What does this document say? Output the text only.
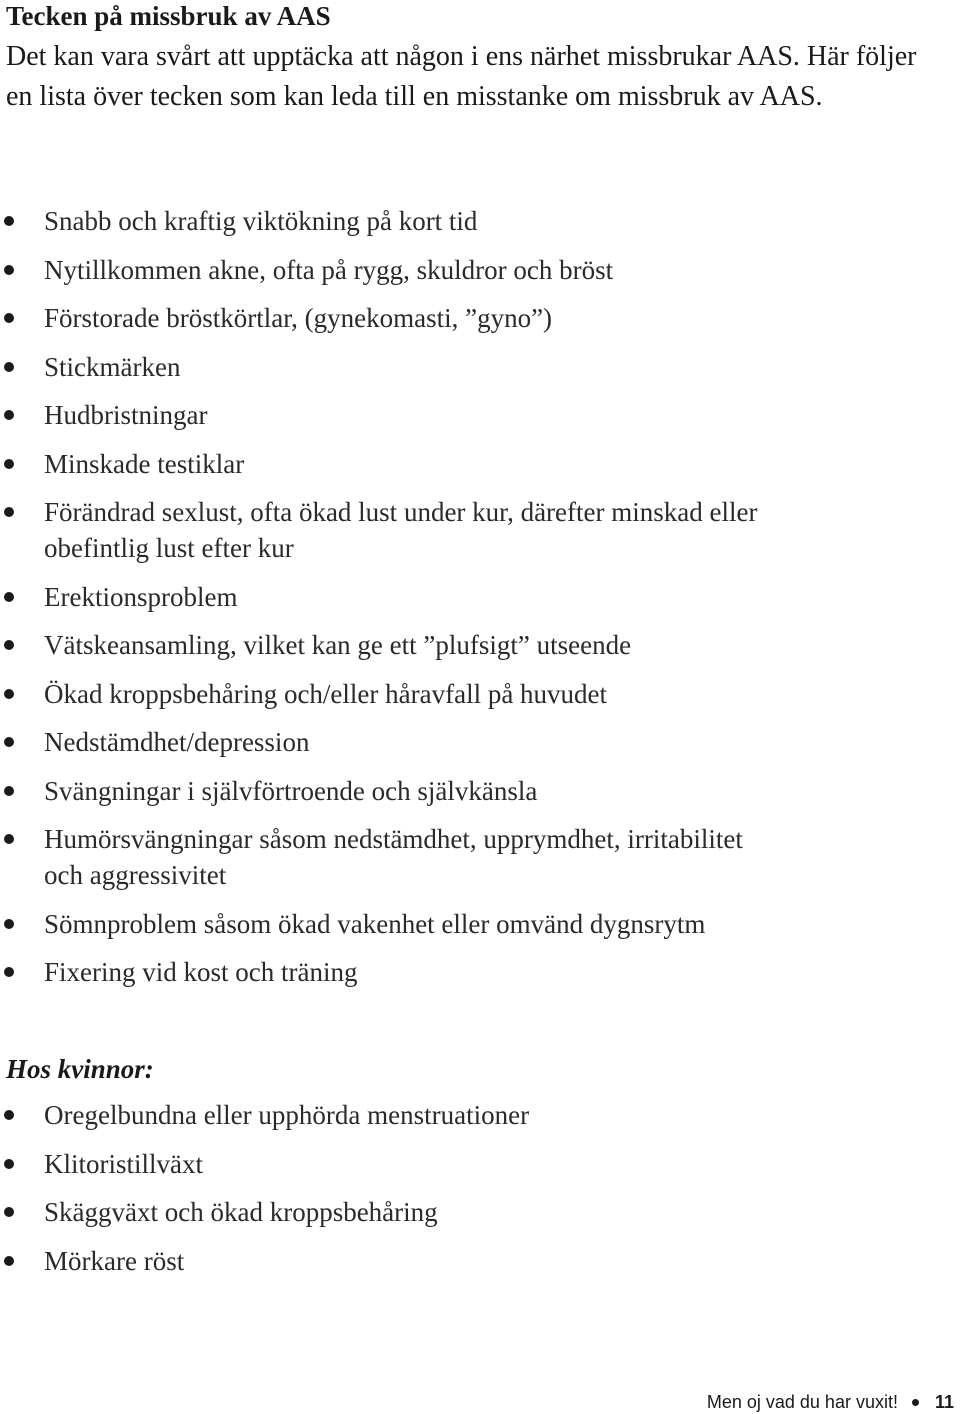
Tecken på missbruk av AAS

Det kan vara svårt att upptäcka att någon i ens närhet missbrukar AAS. Här följer en lista över tecken som kan leda till en misstanke om missbruk av AAS.

Snabb och kraftig viktökning på kort tid
Nytillkommen akne, ofta på rygg, skuldror och bröst
Förstorade bröstkörtlar, (gynekomasti, ”gyno”)
Stickmärken
Hudbristningar
Minskade testiklar
Förändrad sexlust, ofta ökad lust under kur, därefter minskad eller obefintlig lust efter kur
Erektionsproblem
Vätskeansamling, vilket kan ge ett ”plufsigt” utseende
Ökad kroppsbehåring och/eller håravfall på huvudet
Nedstämdhet/depression
Svängningar i självförtroende och självkänsla
Humörsvängningar såsom nedstämdhet, upprymdhet, irritabilitet och aggressivitet
Sömnproblem såsom ökad vakenhet eller omvänd dygnsrytm
Fixering vid kost och träning
Hos kvinnor:
Oregelbundna eller upphörda menstruationer
Klitoristillväxt
Skäggväxt och ökad kroppsbehåring
Mörkare röst
Men oj vad du har vuxit! 11
